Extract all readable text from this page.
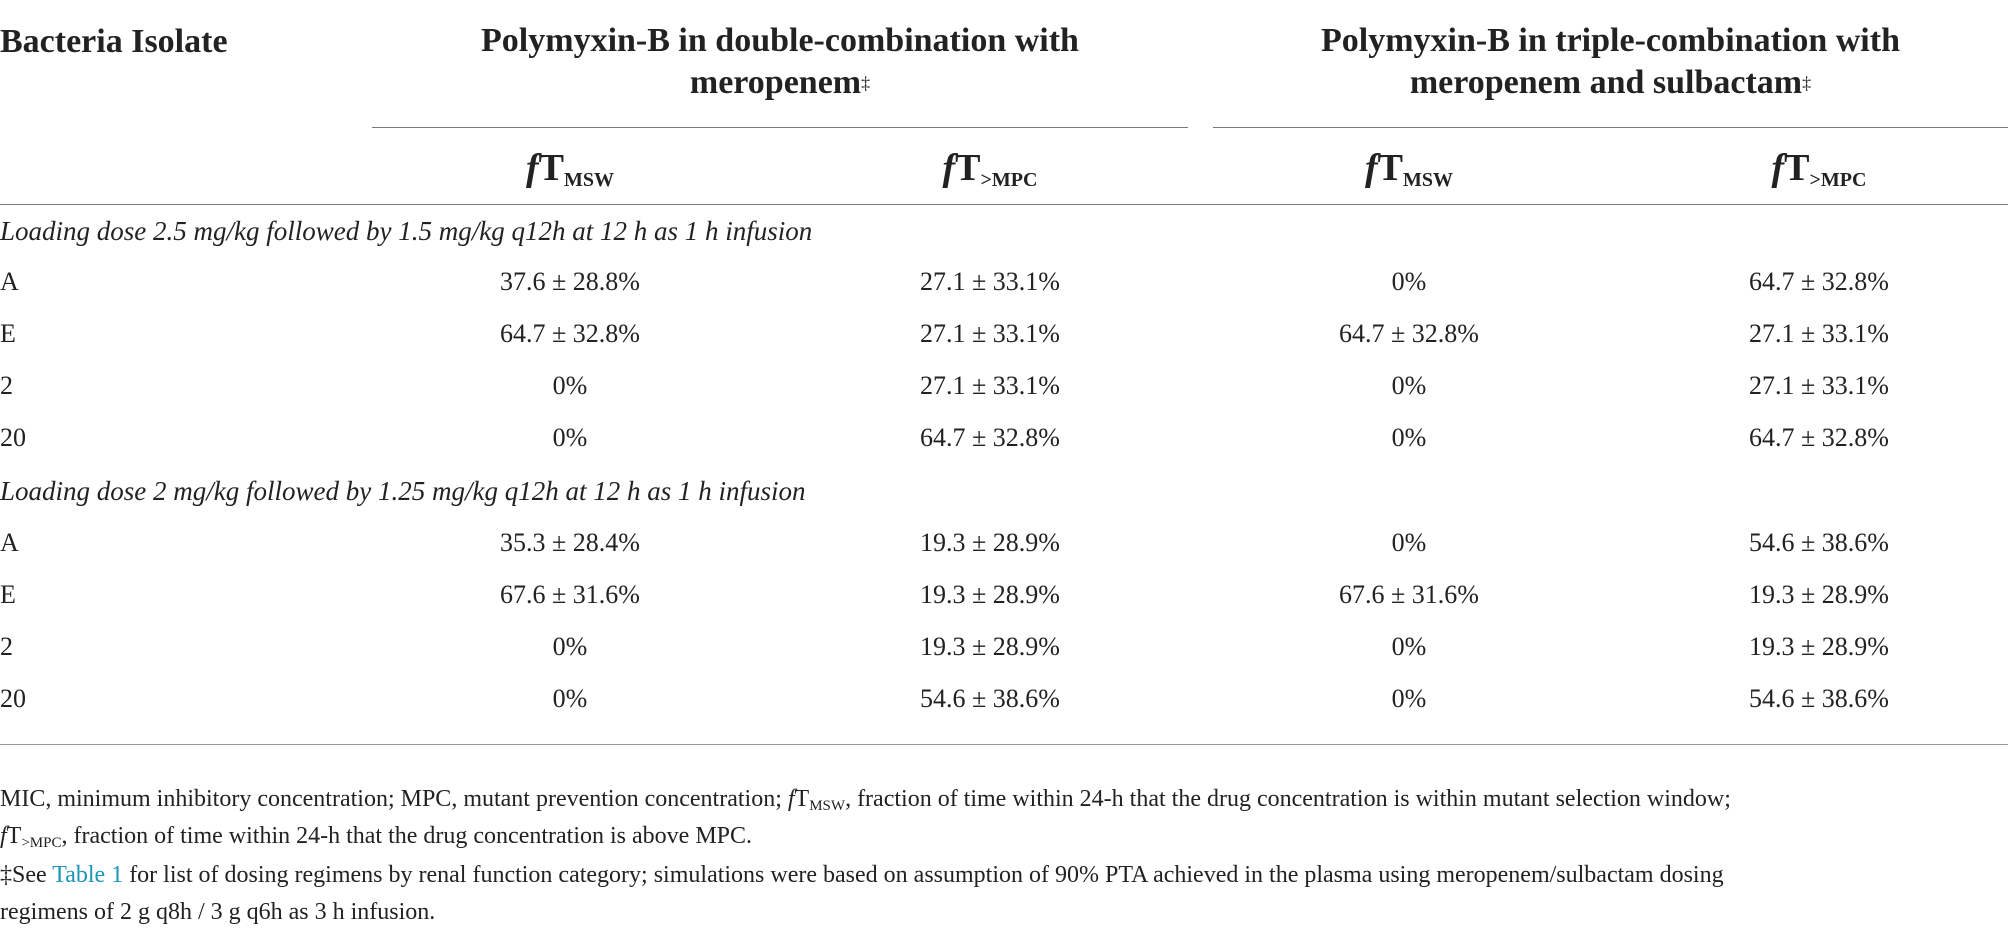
Bacteria Isolate	Polymyxin-B in double-combination with
meropenem‡
Polymyxin-B in triple-combination with
meropenem and sulbactam‡
$fT_{MSW}$	$fT_{>MPC}$	$fT_{MSW}$	$fT_{>MPC}$
Loading dose 2.5 mg/kg followed by 1.5 mg/kg q12h at 12 h as 1 h infusion
A	37.6 ± 28.8%	27.1 ± 33.1%	0%	64.7 ± 32.8%
E	64.7 ± 32.8%	27.1 ± 33.1%	64.7 ± 32.8%	27.1 ± 33.1%
2	0%	27.1 ± 33.1%	0%	27.1 ± 33.1%
20	0%	64.7 ± 32.8%	0%	64.7 ± 32.8%
Loading dose 2 mg/kg followed by 1.25 mg/kg q12h at 12 h as 1 h infusion
A	35.3 ± 28.4%	19.3 ± 28.9%	0%	54.6 ± 38.6%
E	67.6 ± 31.6%	19.3 ± 28.9%	67.6 ± 31.6%	19.3 ± 28.9%
2	0%	19.3 ± 28.9%	0%	19.3 ± 28.9%
20	0%	54.6 ± 38.6%	0%	54.6 ± 38.6%
MIC, minimum inhibitory concentration; MPC, mutant prevention concentration; $fT_{MSW}$, fraction of time within 24-h that the drug concentration is within mutant selection window;
$fT_{>MPC}$, fraction of time within 24-h that the drug concentration is above MPC.
‡See Table 1 for list of dosing regimens by renal function category; simulations were based on assumption of 90% PTA achieved in the plasma using meropenem/sulbactam dosing
regimens of 2 g q8h / 3 g q6h as 3 h infusion.
